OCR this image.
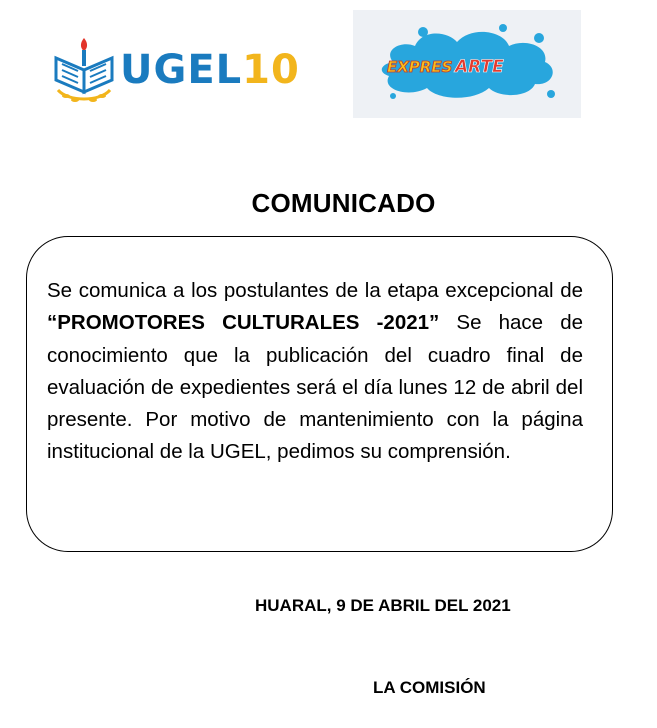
UGEL10	EXPRES ARTE
COMUNICADO

Se comunica a los postulantes de la etapa excepcional de “PROMOTORES CULTURALES -2021” Se hace de conocimiento que la publicación del cuadro final de evaluación de expedientes será el día lunes 12 de abril del presente. Por motivo de mantenimiento con la página institucional de la UGEL, pedimos su comprensión.

HUARAL, 9 DE ABRIL DEL 2021
LA COMISIÓN
